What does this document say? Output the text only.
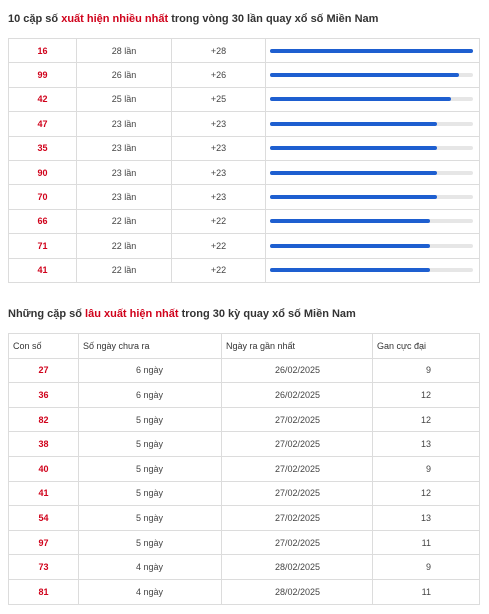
10 cặp số xuất hiện nhiều nhất trong vòng 30 lần quay xổ số Miền Nam
16	28 lần	+28	

99	26 lần	+26	

42	25 lần	+25	

47	23 lần	+23	

35	23 lần	+23	

90	23 lần	+23	

70	23 lần	+23	

66	22 lần	+22	

71	22 lần	+22	

41	22 lần	+22	
Những cặp số lâu xuất hiện nhất trong 30 kỳ quay xổ số Miền Nam
Con số	Số ngày chưa ra	Ngày ra gần nhất	Gan cực đại
27	6 ngày	26/02/2025	9
36	6 ngày	26/02/2025	12
82	5 ngày	27/02/2025	12
38	5 ngày	27/02/2025	13
40	5 ngày	27/02/2025	9
41	5 ngày	27/02/2025	12
54	5 ngày	27/02/2025	13
97	5 ngày	27/02/2025	11
73	4 ngày	28/02/2025	9
81	4 ngày	28/02/2025	11
